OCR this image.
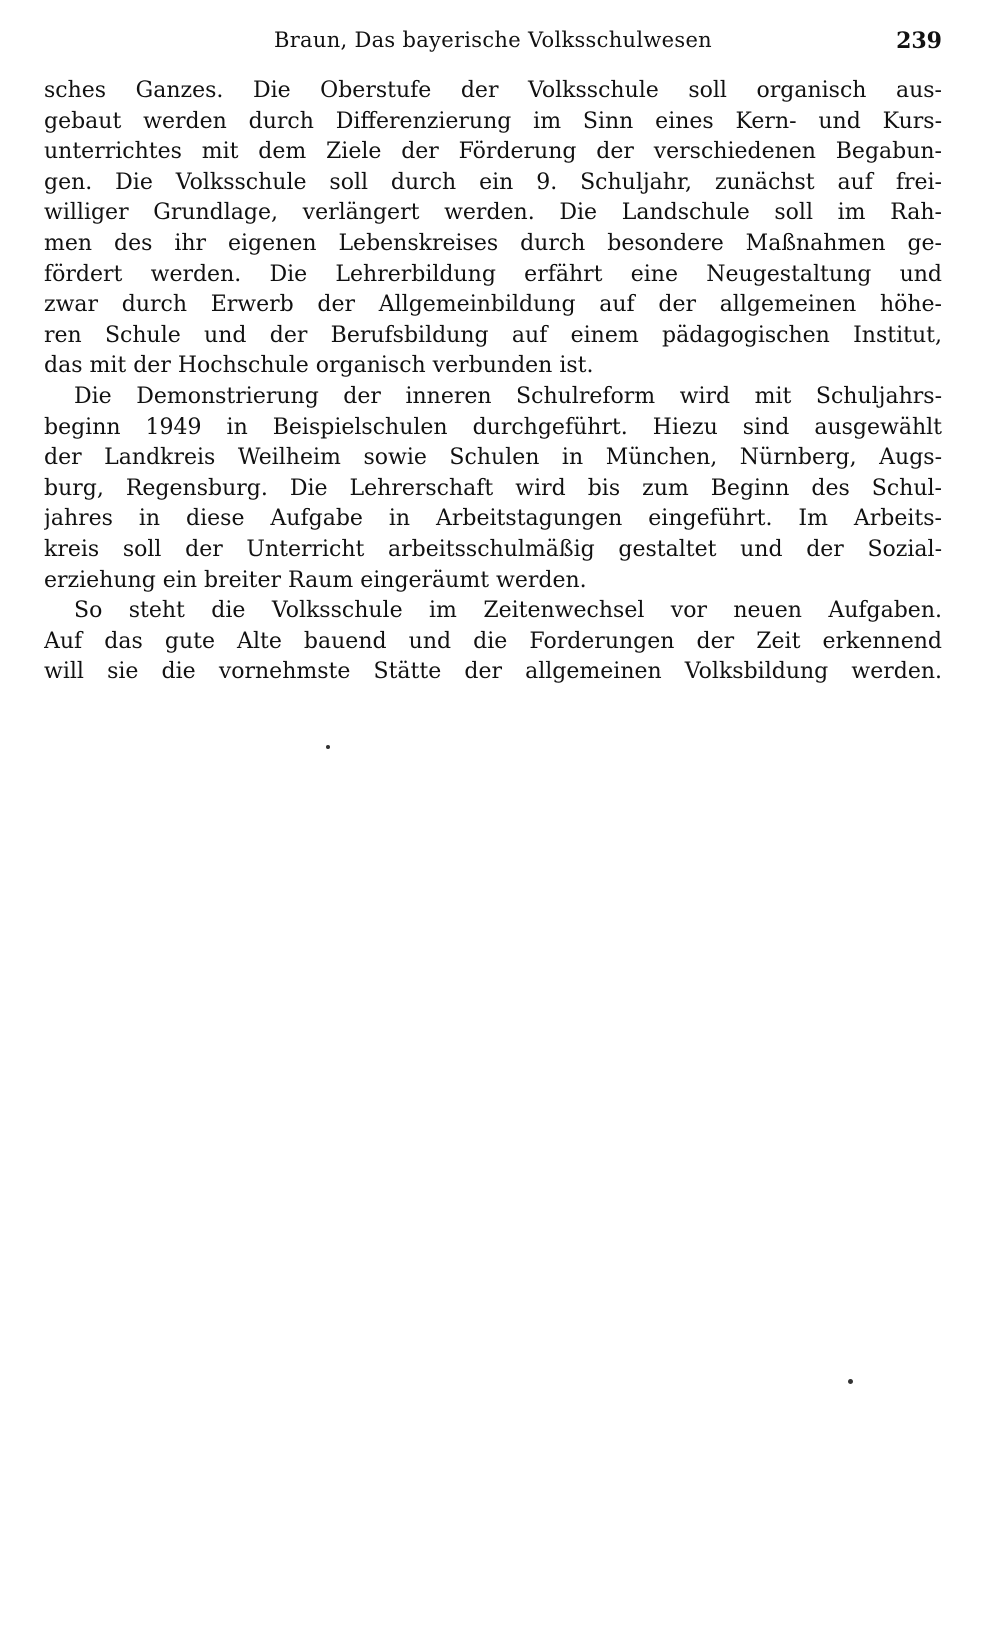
Braun, Das bayerische Volksschulwesen	239
sches Ganzes. Die Oberstufe der Volksschule soll organisch aus-
gebaut werden durch Differenzierung im Sinn eines Kern- und Kurs-
unterrichtes mit dem Ziele der Förderung der verschiedenen Begabun-
gen. Die Volksschule soll durch ein 9. Schuljahr, zunächst auf frei-
williger Grundlage, verlängert werden. Die Landschule soll im Rah-
men des ihr eigenen Lebenskreises durch besondere Maßnahmen ge-
fördert werden. Die Lehrerbildung erfährt eine Neugestaltung und
zwar durch Erwerb der Allgemeinbildung auf der allgemeinen höhe-
ren Schule und der Berufsbildung auf einem pädagogischen Institut,
das mit der Hochschule organisch verbunden ist.
Die Demonstrierung der inneren Schulreform wird mit Schuljahrs-
beginn 1949 in Beispielschulen durchgeführt. Hiezu sind ausgewählt
der Landkreis Weilheim sowie Schulen in München, Nürnberg, Augs-
burg, Regensburg. Die Lehrerschaft wird bis zum Beginn des Schul-
jahres in diese Aufgabe in Arbeitstagungen eingeführt. Im Arbeits-
kreis soll der Unterricht arbeitsschulmäßig gestaltet und der Sozial-
erziehung ein breiter Raum eingeräumt werden.
So steht die Volksschule im Zeitenwechsel vor neuen Aufgaben.
Auf das gute Alte bauend und die Forderungen der Zeit erkennend
will sie die vornehmste Stätte der allgemeinen Volksbildung werden.
